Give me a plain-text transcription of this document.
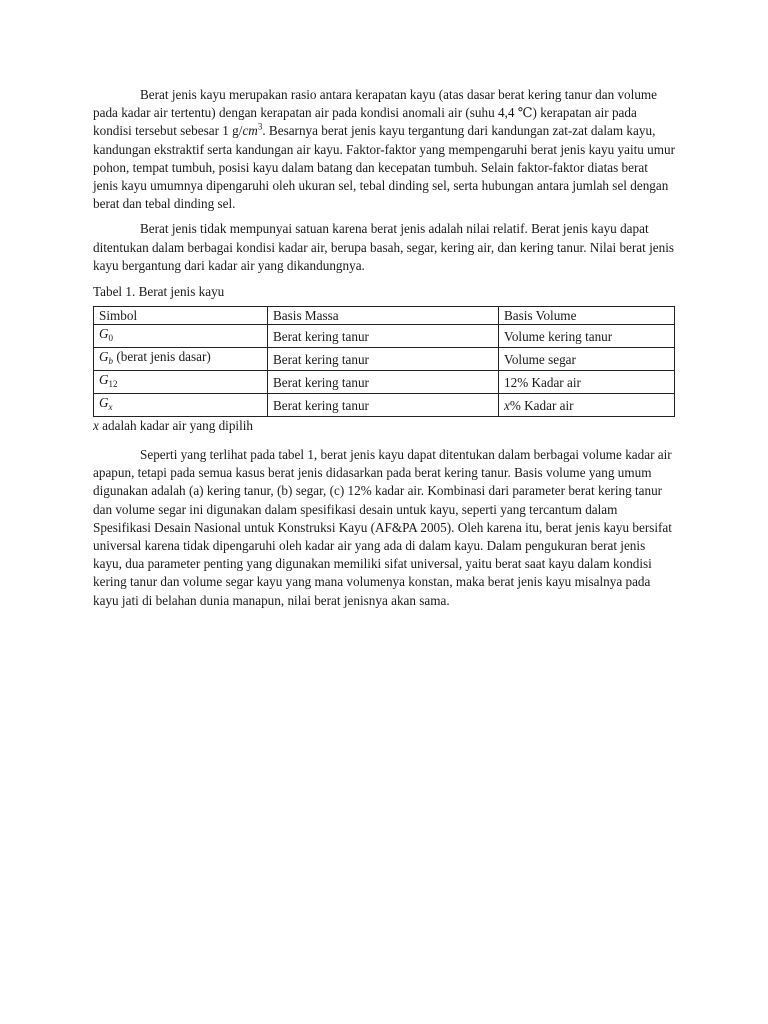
Berat jenis kayu merupakan rasio antara kerapatan kayu (atas dasar berat kering tanur dan volume pada kadar air tertentu) dengan kerapatan air pada kondisi anomali air (suhu 4,4 ℃) kerapatan air pada kondisi tersebut sebesar 1 $g/cm^3$. Besarnya berat jenis kayu tergantung dari kandungan zat-zat dalam kayu, kandungan ekstraktif serta kandungan air kayu. Faktor-faktor yang mempengaruhi berat jenis kayu yaitu umur pohon, tempat tumbuh, posisi kayu dalam batang dan kecepatan tumbuh. Selain faktor-faktor diatas berat jenis kayu umumnya dipengaruhi oleh ukuran sel, tebal dinding sel, serta hubungan antara jumlah sel dengan berat dan tebal dinding sel.

Berat jenis tidak mempunyai satuan karena berat jenis adalah nilai relatif. Berat jenis kayu dapat ditentukan dalam berbagai kondisi kadar air, berupa basah, segar, kering air, dan kering tanur. Nilai berat jenis kayu bergantung dari kadar air yang dikandungnya.

Tabel 1. Berat jenis kayu
Simbol	Basis Massa	Basis Volume
$G_0$	Berat kering tanur	Volume kering tanur
$G_b$ (berat jenis dasar)	Berat kering tanur	Volume segar
$G_{12}$	Berat kering tanur	12% Kadar air
$G_x$	Berat kering tanur	x% Kadar air
x adalah kadar air yang dipilih

Seperti yang terlihat pada tabel 1, berat jenis kayu dapat ditentukan dalam berbagai volume kadar air apapun, tetapi pada semua kasus berat jenis didasarkan pada berat kering tanur. Basis volume yang umum digunakan adalah (a) kering tanur, (b) segar, (c) 12% kadar air. Kombinasi dari parameter berat kering tanur dan volume segar ini digunakan dalam spesifikasi desain untuk kayu, seperti yang tercantum dalam Spesifikasi Desain Nasional untuk Konstruksi Kayu (AF&PA 2005). Oleh karena itu, berat jenis kayu bersifat universal karena tidak dipengaruhi oleh kadar air yang ada di dalam kayu. Dalam pengukuran berat jenis kayu, dua parameter penting yang digunakan memiliki sifat universal, yaitu berat saat kayu dalam kondisi kering tanur dan volume segar kayu yang mana volumenya konstan, maka berat jenis kayu misalnya pada kayu jati di belahan dunia manapun, nilai berat jenisnya akan sama.
